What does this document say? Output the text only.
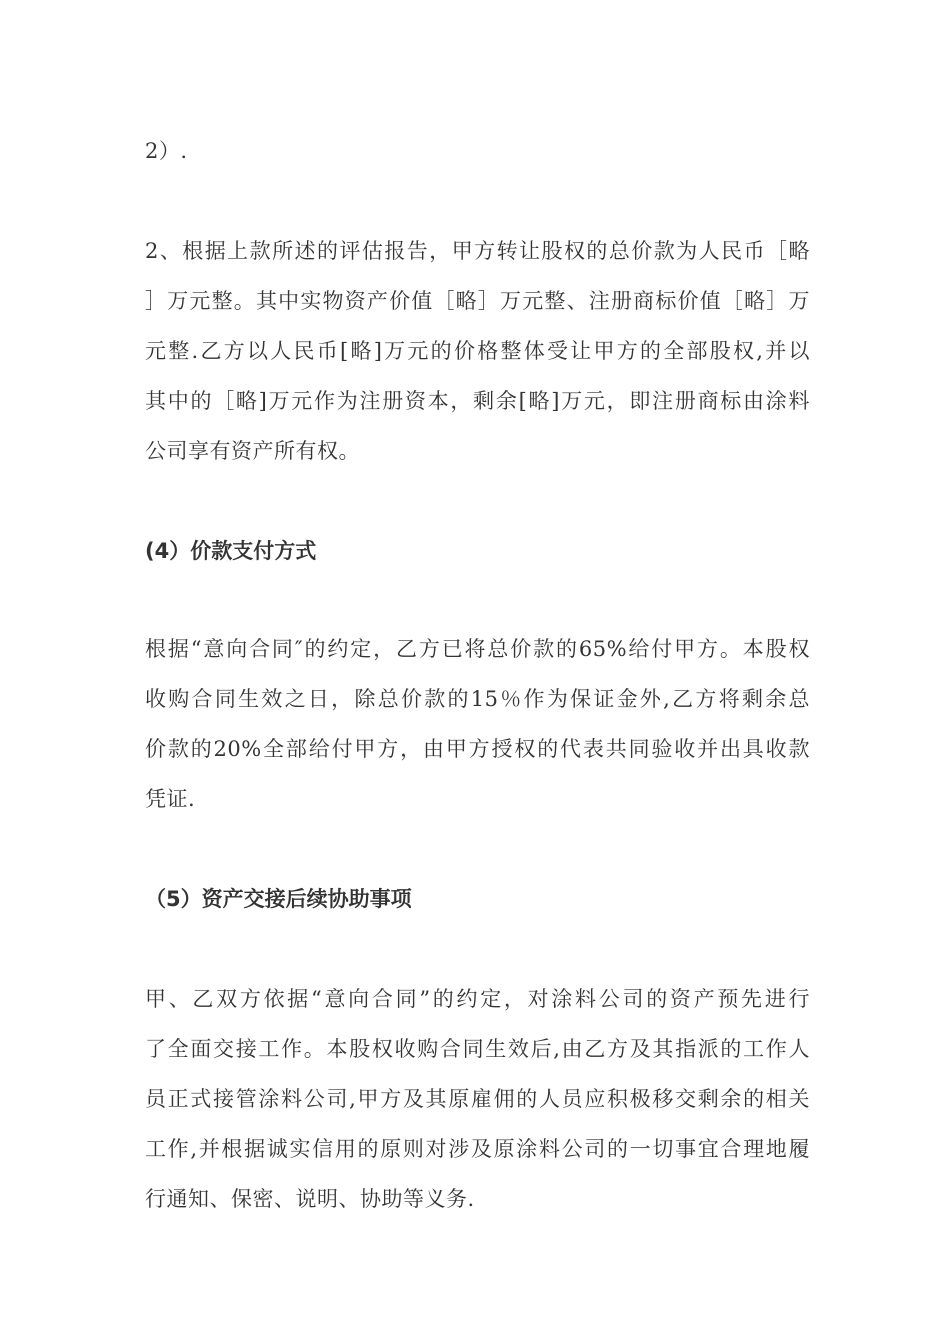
2）.

2、根据上款所述的评估报告，甲方转让股权的总价款为人民币［略
］万元整。其中实物资产价值［略］万元整、注册商标价值［略］万
元整.乙方以人民币[略]万元的价格整体受让甲方的全部股权,并以
其中的［略]万元作为注册资本，剩余[略]万元，即注册商标由涂料
公司享有资产所有权。

(4）价款支付方式

根据“意向合同″的约定，乙方已将总价款的65%给付甲方。本股权
收购合同生效之日，除总价款的15％作为保证金外,乙方将剩余总
价款的20%全部给付甲方，由甲方授权的代表共同验收并出具收款
凭证.

（5）资产交接后续协助事项

甲、乙双方依据“意向合同”的约定，对涂料公司的资产预先进行
了全面交接工作。本股权收购合同生效后,由乙方及其指派的工作人
员正式接管涂料公司,甲方及其原雇佣的人员应积极移交剩余的相关
工作,并根据诚实信用的原则对涉及原涂料公司的一切事宜合理地履
行通知、保密、说明、协助等义务.
